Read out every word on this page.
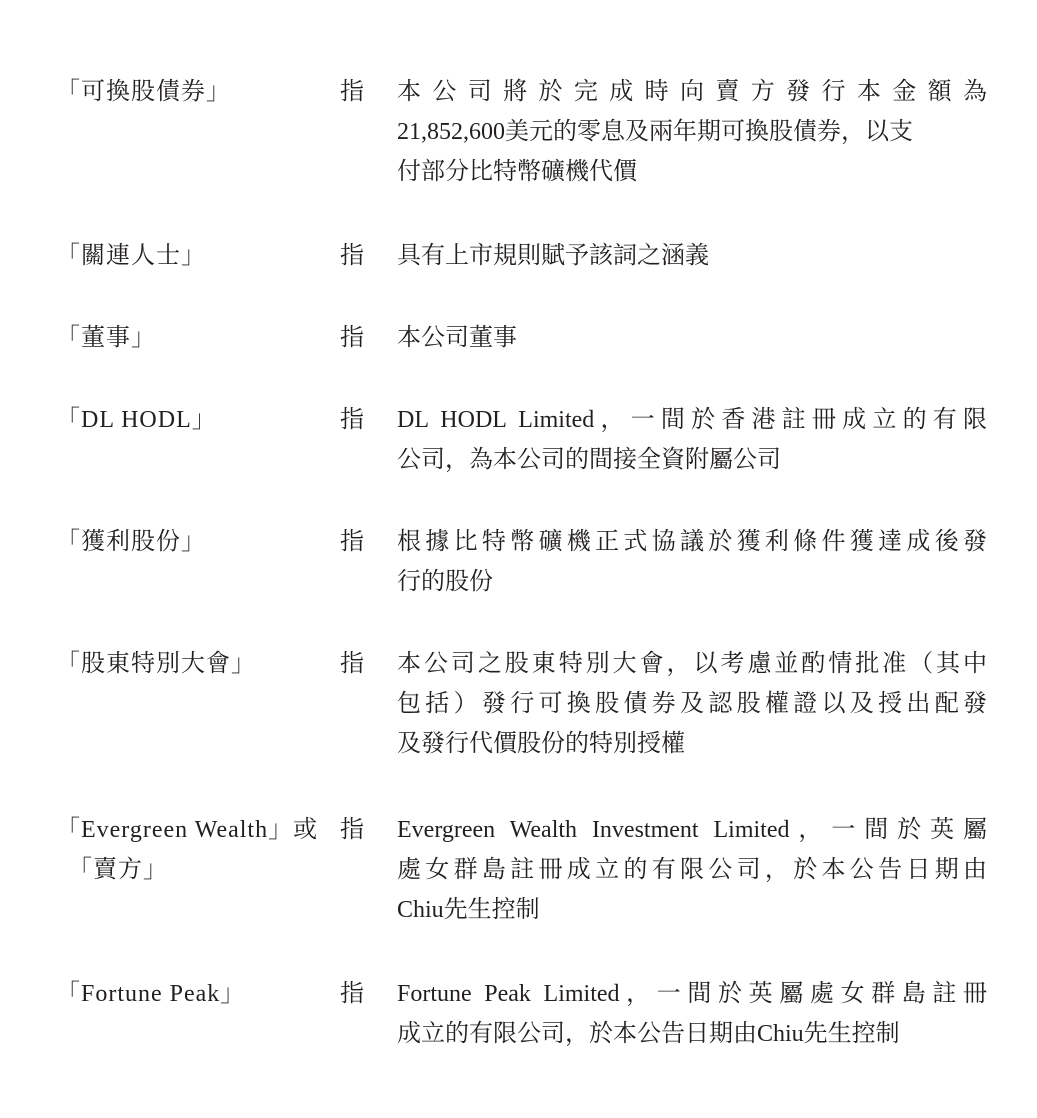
「可換股債券」	指 本 公 司 將 於 完 成 時 向 賣 方 發 行 本 金 額 為
21,852,600美元的零息及兩年期可換股債券，以支
付部分比特幣礦機代價
「關連人士」	指 具有上市規則賦予該詞之涵義
「董事」	指 本公司董事
「DL HODL」	指 DL HODL Limited，一間於香港註冊成立的有限
公司，為本公司的間接全資附屬公司
「獲利股份」	指 根據比特幣礦機正式協議於獲利條件獲達成後發
行的股份
「股東特別大會」	指 本公司之股東特別大會，以考慮並酌情批准（其中
包括）發行可換股債券及認股權證以及授出配發
及發行代價股份的特別授權
「Evergreen Wealth」或
「賣方」
指 Evergreen Wealth Investment Limited，一間於英屬
處女群島註冊成立的有限公司，於本公告日期由
Chiu先生控制
「Fortune Peak」	指 Fortune Peak Limited，一間於英屬處女群島註冊
成立的有限公司，於本公告日期由Chiu先生控制
